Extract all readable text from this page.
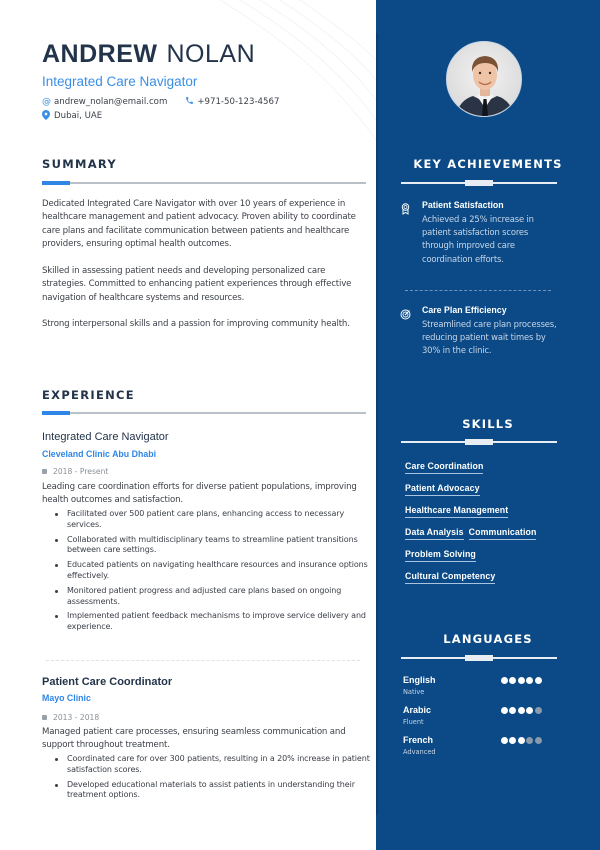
ANDREW NOLAN
Integrated Care Navigator
@ andrew_nolan@email.com	+971-50-123-4567
Dubai, UAE
SUMMARY
Dedicated Integrated Care Navigator with over 10 years of experience in healthcare management and patient advocacy. Proven ability to coordinate care plans and facilitate communication between patients and healthcare providers, ensuring optimal health outcomes.
Skilled in assessing patient needs and developing personalized care strategies. Committed to enhancing patient experiences through effective navigation of healthcare systems and resources.
Strong interpersonal skills and a passion for improving community health.
EXPERIENCE
Integrated Care Navigator
Cleveland Clinic Abu Dhabi
2018 - Present
Leading care coordination efforts for diverse patient populations, improving health outcomes and satisfaction.
Facilitated over 500 patient care plans, enhancing access to necessary services.
Collaborated with multidisciplinary teams to streamline patient transitions between care settings.
Educated patients on navigating healthcare resources and insurance options effectively.
Monitored patient progress and adjusted care plans based on ongoing assessments.
Implemented patient feedback mechanisms to improve service delivery and experience.
Patient Care Coordinator
Mayo Clinic
2013 - 2018
Managed patient care processes, ensuring seamless communication and support throughout treatment.
Coordinated care for over 300 patients, resulting in a 20% increase in patient satisfaction scores.
Developed educational materials to assist patients in understanding their treatment options.
KEY ACHIEVEMENTS
Patient Satisfaction
Achieved a 25% increase in patient satisfaction scores through improved care coordination efforts.
Care Plan Efficiency
Streamlined care plan processes, reducing patient wait times by 30% in the clinic.
SKILLS
Care Coordination
Patient Advocacy
Healthcare Management
Data Analysis Communication
Problem Solving
Cultural Competency
LANGUAGES
English
Native
Arabic
Fluent
French
Advanced
